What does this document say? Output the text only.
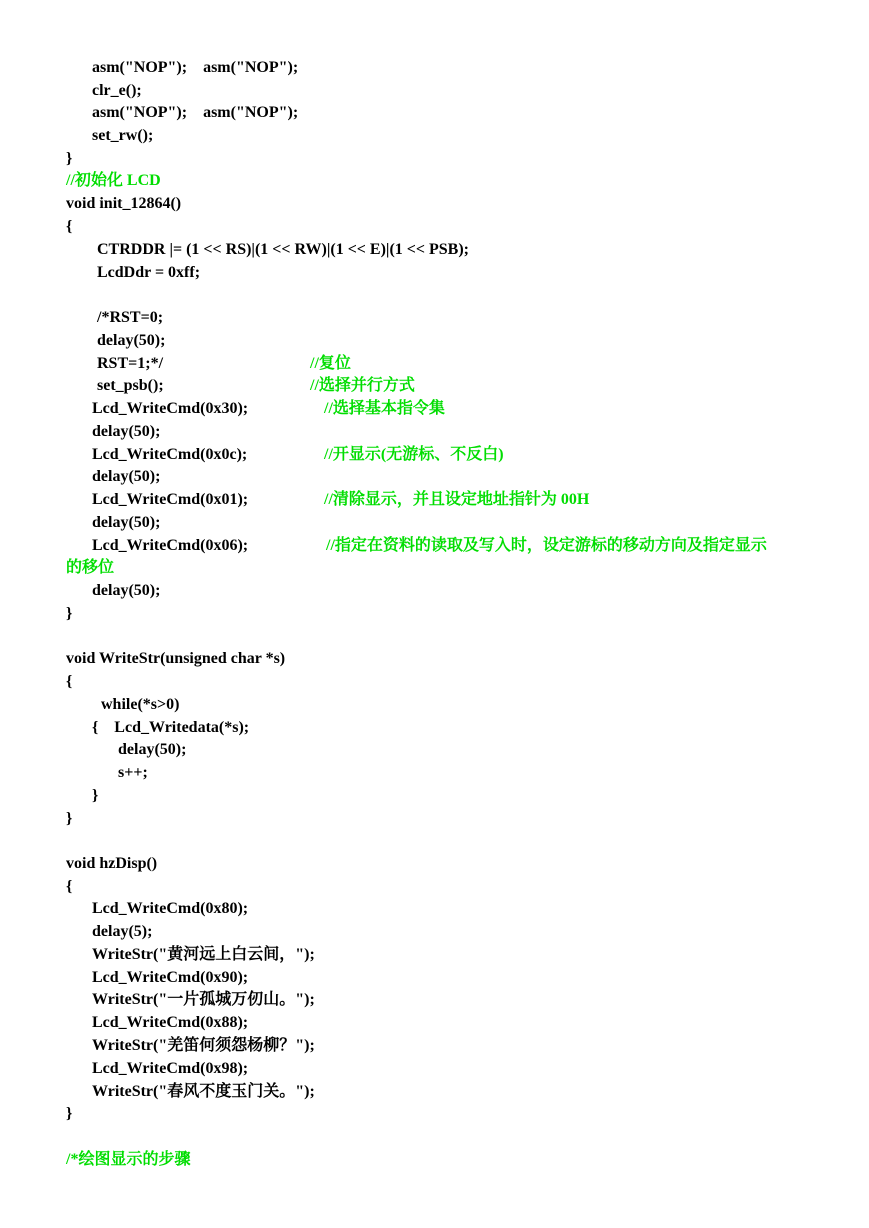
asm("NOP");    asm("NOP");
clr_e();
asm("NOP");    asm("NOP");
set_rw();
}
//初始化 LCD
void init_12864()
{
CTRDDR |= (1 << RS)|(1 << RW)|(1 << E)|(1 << PSB);
LcdDdr = 0xff;
/*RST=0;
delay(50);
RST=1;*/	//复位
set_psb();	//选择并行方式
Lcd_WriteCmd(0x30);	//选择基本指令集
delay(50);
Lcd_WriteCmd(0x0c);	//开显示(无游标、不反白)
delay(50);
Lcd_WriteCmd(0x01);	//清除显示，并且设定地址指针为 00H
delay(50);
Lcd_WriteCmd(0x06);	//指定在资料的读取及写入时，设定游标的移动方向及指定显示
的移位
delay(50);
}
void WriteStr(unsigned char *s)
{
while(*s>0)
{    Lcd_Writedata(*s);
delay(50);
s++;
}
}
void hzDisp()
{
Lcd_WriteCmd(0x80);
delay(5);
WriteStr("黄河远上白云间，");
Lcd_WriteCmd(0x90);
WriteStr("一片孤城万仞山。");
Lcd_WriteCmd(0x88);
WriteStr("羌笛何须怨杨柳？");
Lcd_WriteCmd(0x98);
WriteStr("春风不度玉门关。");
}
/*绘图显示的步骤
